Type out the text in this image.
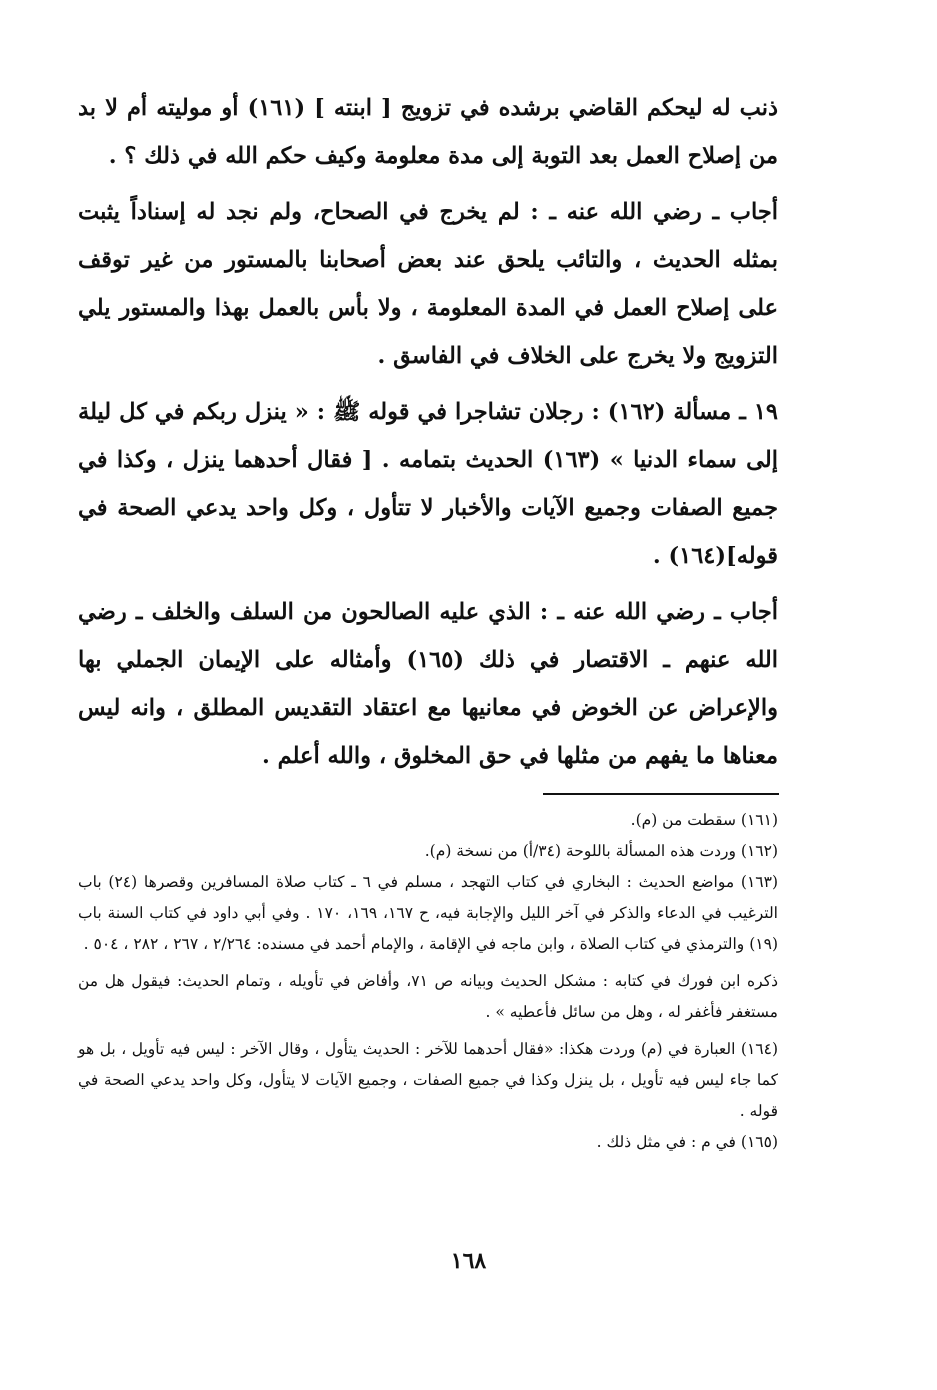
ذنب له ليحكم القاضي برشده في تزويج [ ابنته ] (١٦١) أو موليته أم لا بد من إصلاح العمل بعد التوبة إلى مدة معلومة وكيف حكم الله في ذلك ؟ .

أجاب ـ رضي الله عنه ـ : لم يخرج في الصحاح، ولم نجد له إسناداً يثبت بمثله الحديث ، والتائب يلحق عند بعض أصحابنا بالمستور من غير توقف على إصلاح العمل في المدة المعلومة ، ولا بأس بالعمل بهذا والمستور يلي التزويج ولا يخرج على الخلاف في الفاسق .

١٩ ـ مسألة (١٦٢) : رجلان تشاجرا في قوله ﷺ : « ينزل ربكم في كل ليلة إلى سماء الدنيا » (١٦٣) الحديث بتمامه . [ فقال أحدهما ينزل ، وكذا في جميع الصفات وجميع الآيات والأخبار لا تتأول ، وكل واحد يدعي الصحة في قوله](١٦٤) .

أجاب ـ رضي الله عنه ـ : الذي عليه الصالحون من السلف والخلف ـ رضي الله عنهم ـ الاقتصار في ذلك (١٦٥) وأمثاله على الإيمان الجملي بها والإعراض عن الخوض في معانيها مع اعتقاد التقديس المطلق ، وانه ليس معناها ما يفهم من مثلها في حق المخلوق ، والله أعلم .

(١٦١) سقطت من (م).

(١٦٢) وردت هذه المسألة باللوحة (٣٤/أ) من نسخة (م).

(١٦٣) مواضع الحديث : البخاري في كتاب التهجد ، مسلم في ٦ ـ كتاب صلاة المسافرين وقصرها (٢٤) باب الترغيب في الدعاء والذكر في آخر الليل والإجابة فيه، ح ١٦٧، ١٦٩، ١٧٠ . وفي أبي داود في كتاب السنة باب (١٩) والترمذي في كتاب الصلاة ، وابن ماجه في الإقامة ، والإمام أحمد في مسنده: ٢/٢٦٤ ، ٢٦٧ ، ٢٨٢ ، ٥٠٤ .

ذكره ابن فورك في كتابه : مشكل الحديث وبيانه ص ٧١، وأفاض في تأويله ، وتمام الحديث: فيقول هل من مستغفر فأغفر له ، وهل من سائل فأعطيه » .

(١٦٤) العبارة في (م) وردت هكذا: «فقال أحدهما للآخر : الحديث يتأول ، وقال الآخر : ليس فيه تأويل ، بل هو كما جاء ليس فيه تأويل ، بل ينزل وكذا في جميع الصفات ، وجميع الآيات لا يتأول، وكل واحد يدعي الصحة في قوله .

(١٦٥) في م : في مثل ذلك .

١٦٨
